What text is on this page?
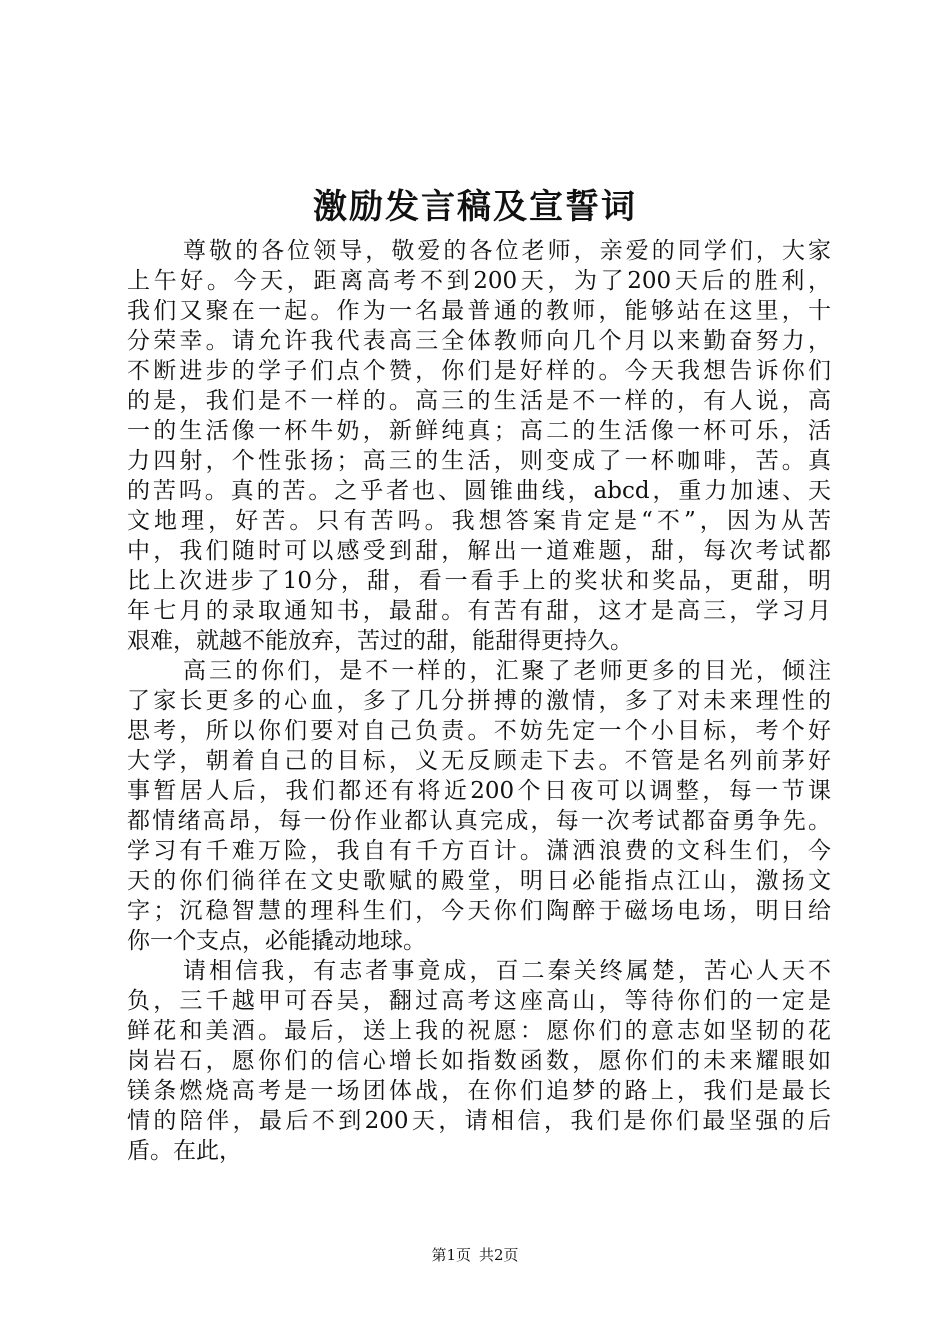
激励发言稿及宣誓词
尊敬的各位领导，敬爱的各位老师，亲爱的同学们，大家
上午好。今天，距离高考不到200天，为了200天后的胜利，
我们又聚在一起。作为一名最普通的教师，能够站在这里，十
分荣幸。请允许我代表高三全体教师向几个月以来勤奋努力，
不断进步的学子们点个赞，你们是好样的。今天我想告诉你们
的是，我们是不一样的。高三的生活是不一样的，有人说，高
一的生活像一杯牛奶，新鲜纯真；高二的生活像一杯可乐，活
力四射，个性张扬；高三的生活，则变成了一杯咖啡，苦。真
的苦吗。真的苦。之乎者也、圆锥曲线，abcd，重力加速、天
文地理，好苦。只有苦吗。我想答案肯定是“不”，因为从苦
中，我们随时可以感受到甜，解出一道难题，甜，每次考试都
比上次进步了10分，甜，看一看手上的奖状和奖品，更甜，明
年七月的录取通知书，最甜。有苦有甜，这才是高三，学习月
艰难，就越不能放弃，苦过的甜，能甜得更持久。
高三的你们，是不一样的，汇聚了老师更多的目光，倾注
了家长更多的心血，多了几分拼搏的激情，多了对未来理性的
思考，所以你们要对自己负责。不妨先定一个小目标，考个好
大学，朝着自己的目标，义无反顾走下去。不管是名列前茅好
事暂居人后，我们都还有将近200个日夜可以调整，每一节课
都情绪高昂，每一份作业都认真完成，每一次考试都奋勇争先。
学习有千难万险，我自有千方百计。潇洒浪费的文科生们，今
天的你们徜徉在文史歌赋的殿堂，明日必能指点江山，激扬文
字；沉稳智慧的理科生们，今天你们陶醉于磁场电场，明日给
你一个支点，必能撬动地球。
请相信我，有志者事竟成，百二秦关终属楚，苦心人天不
负，三千越甲可吞吴，翻过高考这座高山，等待你们的一定是
鲜花和美酒。最后，送上我的祝愿：愿你们的意志如坚韧的花
岗岩石，愿你们的信心增长如指数函数，愿你们的未来耀眼如
镁条燃烧高考是一场团体战，在你们追梦的路上，我们是最长
情的陪伴，最后不到200天，请相信，我们是你们最坚强的后
盾。在此，
第1页 共2页
